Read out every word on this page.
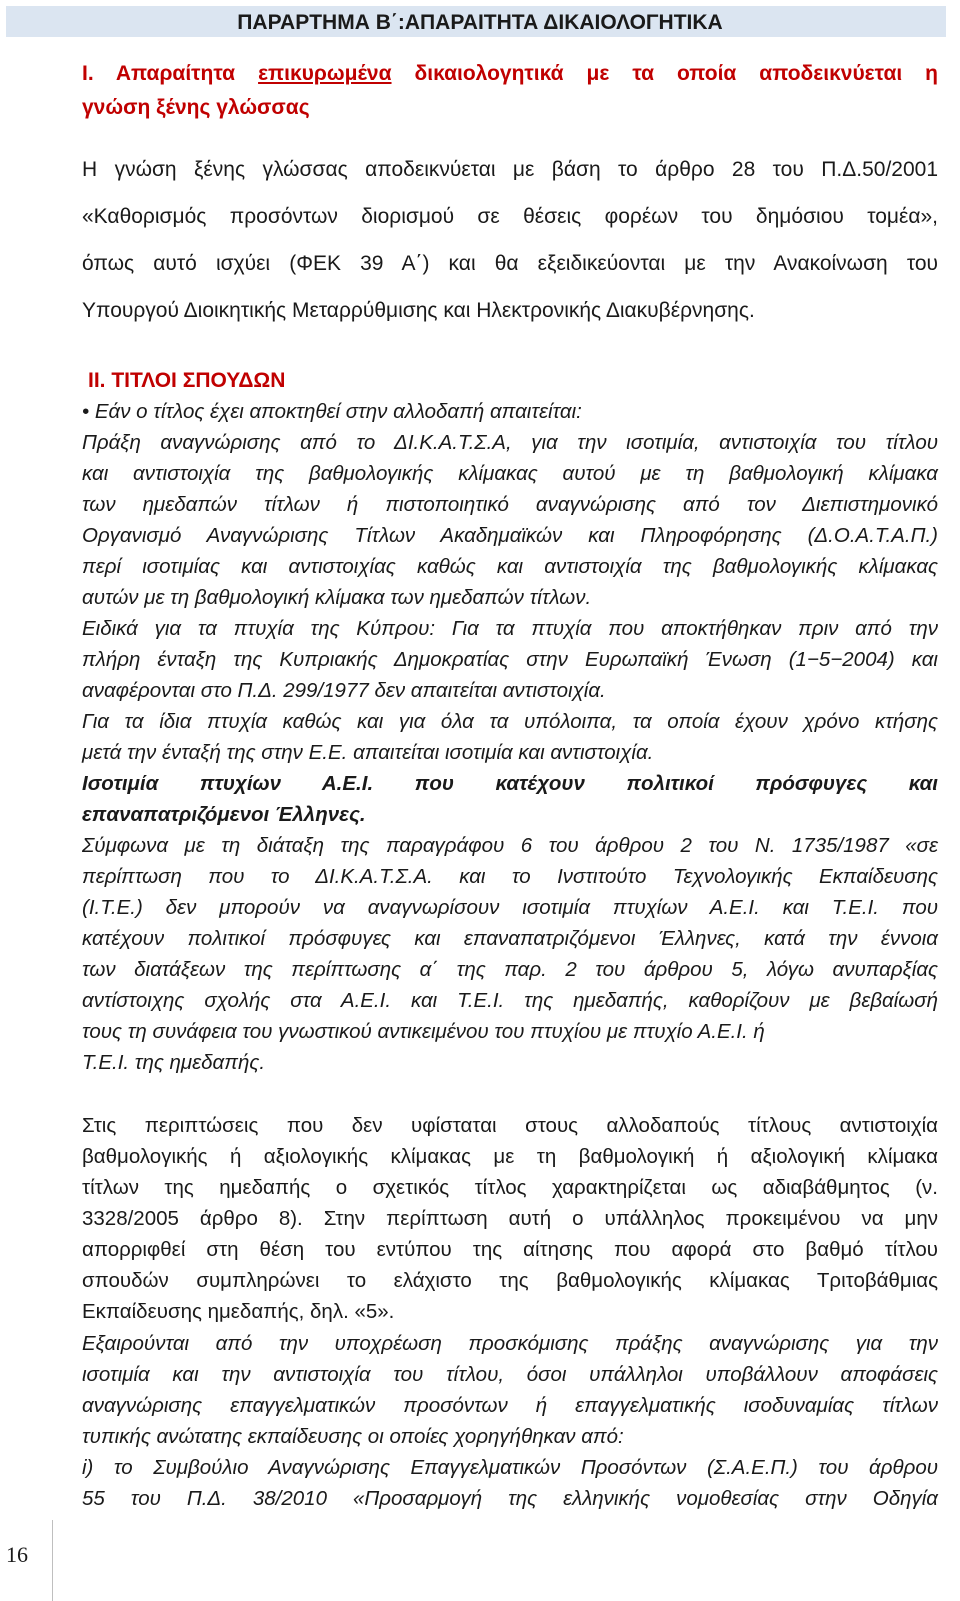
ΠΑΡΑΡΤΗΜΑ Β΄:ΑΠΑΡΑΙΤΗΤΑ ΔΙΚΑΙΟΛΟΓΗΤΙΚΑ
Ι. Απαραίτητα επικυρωμένα δικαιολογητικά με τα οποία αποδεικνύεται η
γνώση ξένης γλώσσας
Η γνώση ξένης γλώσσας αποδεικνύεται με βάση το άρθρο 28 του Π.Δ.50/2001
«Καθορισμός προσόντων διορισμού σε θέσεις φορέων του δημόσιου τομέα»,
όπως αυτό ισχύει (ΦΕΚ 39 Α΄) και θα εξειδικεύονται με την Ανακοίνωση του
Υπουργού Διοικητικής Μεταρρύθμισης και Ηλεκτρονικής Διακυβέρνησης.
ΙΙ. ΤΙΤΛΟΙ ΣΠΟΥΔΩΝ
• Εάν ο τίτλος έχει αποκτηθεί στην αλλοδαπή απαιτείται:
Πράξη αναγνώρισης από το ΔΙ.Κ.Α.Τ.Σ.Α, για την ισοτιμία, αντιστοιχία του τίτλου
και αντιστοιχία της βαθμολογικής κλίμακας αυτού με τη βαθμολογική κλίμακα
των ημεδαπών τίτλων ή πιστοποιητικό αναγνώρισης από τον Διεπιστημονικό
Οργανισμό Αναγνώρισης Τίτλων Ακαδημαϊκών και Πληροφόρησης (Δ.Ο.Α.Τ.Α.Π.)
περί ισοτιμίας και αντιστοιχίας καθώς και αντιστοιχία της βαθμολογικής κλίμακας
αυτών με τη βαθμολογική κλίμακα των ημεδαπών τίτλων.
Ειδικά για τα πτυχία της Κύπρου: Για τα πτυχία που αποκτήθηκαν πριν από την
πλήρη ένταξη της Κυπριακής Δημοκρατίας στην Ευρωπαϊκή Ένωση (1−5−2004) και
αναφέρονται στο Π.Δ. 299/1977 δεν απαιτείται αντιστοιχία.
Για τα ίδια πτυχία καθώς και για όλα τα υπόλοιπα, τα οποία έχουν χρόνο κτήσης
μετά την ένταξή της στην Ε.Ε. απαιτείται ισοτιμία και αντιστοιχία.
Ισοτιμία πτυχίων Α.Ε.Ι. που κατέχουν πολιτικοί πρόσφυγες και
επαναπατριζόμενοι Έλληνες.
Σύμφωνα με τη διάταξη της παραγράφου 6 του άρθρου 2 του Ν. 1735/1987 «σε
περίπτωση που το ΔΙ.Κ.Α.Τ.Σ.Α. και το Ινστιτούτο Τεχνολογικής Εκπαίδευσης
(Ι.Τ.Ε.) δεν μπορούν να αναγνωρίσουν ισοτιμία πτυχίων Α.Ε.Ι. και Τ.Ε.Ι. που
κατέχουν πολιτικοί πρόσφυγες και επαναπατριζόμενοι Έλληνες, κατά την έννοια
των διατάξεων της περίπτωσης α΄ της παρ. 2 του άρθρου 5, λόγω ανυπαρξίας
αντίστοιχης σχολής στα Α.Ε.Ι. και Τ.Ε.Ι. της ημεδαπής, καθορίζουν με βεβαίωσή
τους τη συνάφεια του γνωστικού αντικειμένου του πτυχίου με πτυχίο Α.Ε.Ι. ή
Τ.Ε.Ι. της ημεδαπής.
Στις περιπτώσεις που δεν υφίσταται στους αλλοδαπούς τίτλους αντιστοιχία
βαθμολογικής ή αξιολογικής κλίμακας με τη βαθμολογική ή αξιολογική κλίμακα
τίτλων της ημεδαπής ο σχετικός τίτλος χαρακτηρίζεται ως αδιαβάθμητος (ν.
3328/2005 άρθρο 8). Στην περίπτωση αυτή ο υπάλληλος προκειμένου να μην
απορριφθεί στη θέση του εντύπου της αίτησης που αφορά στο βαθμό τίτλου
σπουδών συμπληρώνει το ελάχιστο της βαθμολογικής κλίμακας Τριτοβάθμιας
Εκπαίδευσης ημεδαπής, δηλ. «5».
Εξαιρούνται από την υποχρέωση προσκόμισης πράξης αναγνώρισης για την
ισοτιμία και την αντιστοιχία του τίτλου, όσοι υπάλληλοι υποβάλλουν αποφάσεις
αναγνώρισης επαγγελματικών προσόντων ή επαγγελματικής ισοδυναμίας τίτλων
τυπικής ανώτατης εκπαίδευσης οι οποίες χορηγήθηκαν από:
i) το Συμβούλιο Αναγνώρισης Επαγγελματικών Προσόντων (Σ.Α.Ε.Π.) του άρθρου
55 του Π.Δ. 38/2010 «Προσαρμογή της ελληνικής νομοθεσίας στην Οδηγία
16
